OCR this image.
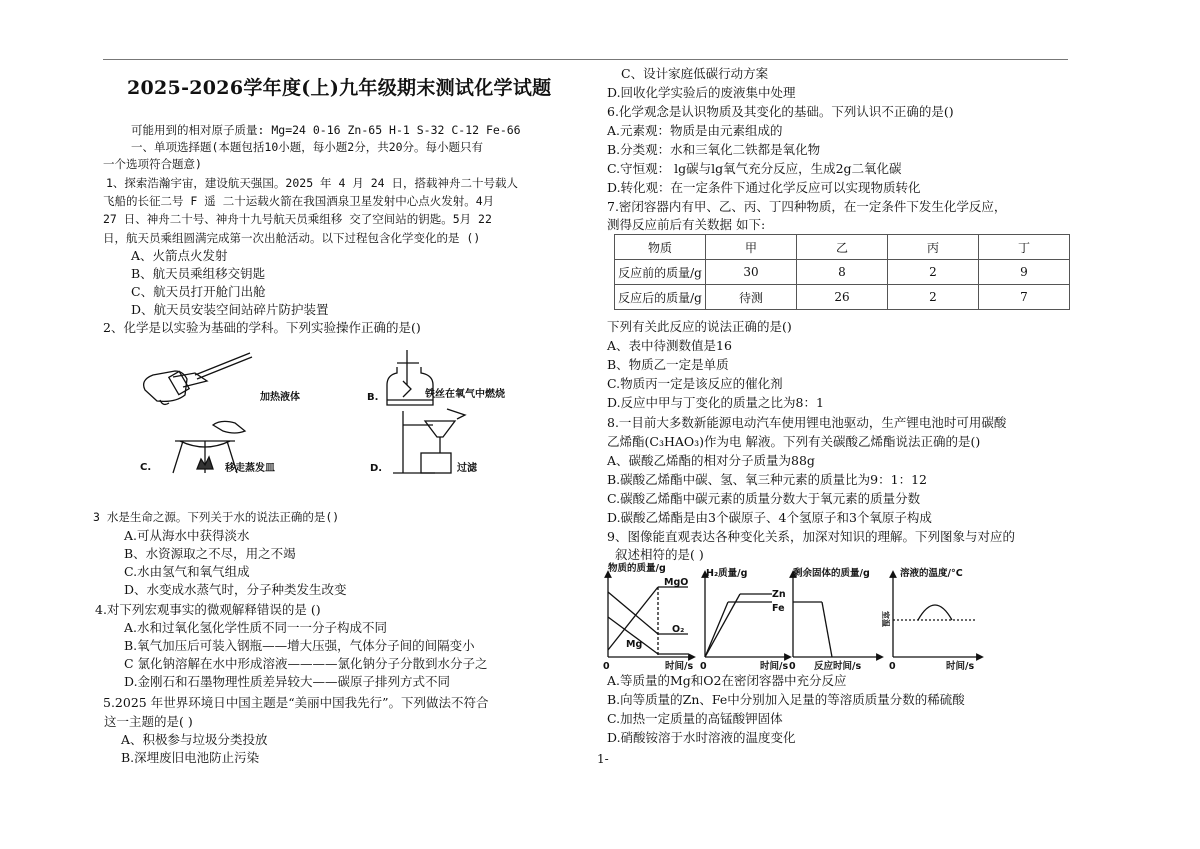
2025-2026学年度(上)九年级期末测试化学试题
可能用到的相对原子质量: Mg=24 0-16 Zn-65 H-1 S-32 C-12 Fe-66
一、单项选择题(本题包括10小题，每小题2分，共20分。每小题只有
一个选项符合题意)
1、探索浩瀚宇宙，建设航天强国。2025 年 4 月 24 日，搭载神舟二十号载人
飞船的长征二号 F 遥 二十运载火箭在我国酒泉卫星发射中心点火发射。4月
27 日、神舟二十号、神舟十九号航天员乘组移 交了空间站的钥匙。5月 22
日，航天员乘组圆满完成第一次出舱活动。以下过程包含化学变化的是 ()
A、火箭点火发射
B、航天员乘组移交钥匙
C、航天员打开舱门出舱
D、航天员安装空间站碎片防护装置
2、化学是以实验为基础的学科。下列实验操作正确的是()
加热液体	B.	铁丝在氧气中燃烧
C.	移走蒸发皿	D.	过滤
3 水是生命之源。下列关于水的说法正确的是()
A.可从海水中获得淡水
B、水资源取之不尽，用之不竭
C.水由氢气和氧气组成
D、水变成水蒸气时，分子种类发生改变
4.对下列宏观事实的微观解释错误的是 ()
A.水和过氧化氢化学性质不同一一分子构成不同
B.氧气加压后可装入钢瓶——增大压强，气体分子间的间隔变小
C 氯化钠溶解在水中形成溶液————氯化钠分子分散到水分子之
D.金刚石和石墨物理性质差异较大——碳原子排列方式不同
5.2025 年世界环境日中国主题是“美丽中国我先行”。下列做法不符合
这一主题的是( )
A、积极参与垃圾分类投放
B.深埋废旧电池防止污染
C、设计家庭低碳行动方案
D.回收化学实验后的废液集中处理
6.化学观念是认识物质及其变化的基础。下列认识不正确的是()
A.元素观：物质是由元素组成的
B.分类观：水和三氧化二铁都是氧化物
C.守恒观： lg碳与lg氧气充分反应，生成2g二氧化碳
D.转化观：在一定条件下通过化学反应可以实现物质转化
7.密闭容器内有甲、乙、丙、丁四种物质，在一定条件下发生化学反应，
测得反应前后有关数据 如下:
物质	甲	乙	丙	丁
反应前的质量/g	30	8	2	9
反应后的质量/g	待测	26	2	7
下列有关此反应的说法正确的是()
A、表中待测数值是16
B、物质乙一定是单质
C.物质丙一定是该反应的催化剂
D.反应中甲与丁变化的质量之比为8：1
8.一目前大多数新能源电动汽车使用锂电池驱动，生产锂电池时可用碳酸
乙烯酯(C₃HAO₃)作为电 解液。下列有关碳酸乙烯酯说法正确的是()
A、碳酸乙烯酯的相对分子质量为88g
B.碳酸乙烯酯中碳、氢、氧三种元素的质量比为9：1：12
C.碳酸乙烯酯中碳元素的质量分数大于氧元素的质量分数
D.碳酸乙烯酯是由3个碳原子、4个氢原子和3个氧原子构成
9、图像能直观表达各种变化关系，加深对知识的理解。下列图象与对应的
叙述相符的是( )
物质的质量/g
MgO
O₂
Mg
0	时间/s
H₂质量/g
Zn
Fe
0	时间/s
剩余固体的质量/g
0 反应时间/s
溶液的温度/°C
室温
0	时间/s
A.等质量的Mg和O2在密闭容器中充分反应
B.向等质量的Zn、Fe中分别加入足量的等溶质质量分数的稀硫酸
C.加热一定质量的高锰酸钾固体
D.硝酸铵溶于水时溶液的温度变化
1-
